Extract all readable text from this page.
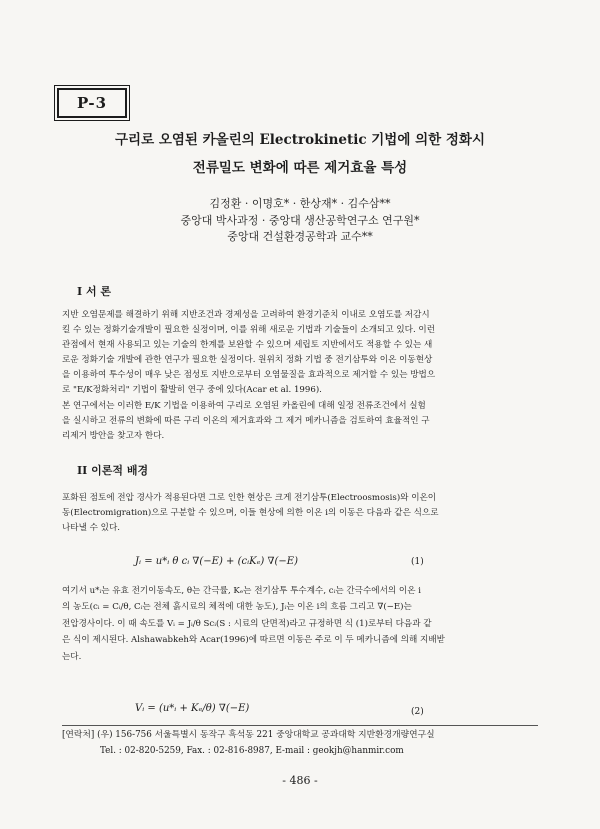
P-3
구리로 오염된 카올린의 Electrokinetic 기법에 의한 정화시
전류밀도 변화에 따른 제거효율 특성
김정환 · 이명호* · 한상재* · 김수삼**
중앙대 박사과정 · 중앙대 생산공학연구소 연구원*
중앙대 건설환경공학과 교수**
I 서 론
지반 오염문제를 해결하기 위해 지반조건과 경제성을 고려하여 환경기준치 이내로 오염도를 저감시
킬 수 있는 정화기술개발이 필요한 실정이며, 이를 위해 새로운 기법과 기술들이 소개되고 있다. 이런
관점에서 현재 사용되고 있는 기술의 한계를 보완할 수 있으며 세립토 지반에서도 적용할 수 있는 새
로운 정화기술 개발에 관한 연구가 필요한 실정이다. 원위치 정화 기법 중 전기삼투와 이온 이동현상
을 이용하여 투수성이 매우 낮은 점성토 지반으로부터 오염물질을 효과적으로 제거할 수 있는 방법으
로 "E/K정화처리" 기법이 활발히 연구 중에 있다(Acar et al. 1996).
본 연구에서는 이러한 E/K 기법을 이용하여 구리로 오염된 카올린에 대해 일정 전류조건에서 실험
을 실시하고 전류의 변화에 따른 구리 이온의 제거효과와 그 제거 메카니즘을 검토하여 효율적인 구
리제거 방안을 찾고자 한다.
II 이론적 배경
포화된 점토에 전압 경사가 적용된다면 그로 인한 현상은 크게 전기삼투(Electroosmosis)와 이온이
동(Electromigration)으로 구분할 수 있으며, 이들 현상에 의한 이온 i의 이동은 다음과 같은 식으로
나타낼 수 있다.
Jᵢ = u*ᵢ θ cᵢ ∇(−E) + (cᵢKₑ) ∇(−E)	(1)
여기서 u*ᵢ는 유효 전기이동속도, θ는 간극률, Kₑ는 전기삼투 투수계수, cᵢ는 간극수에서의 이온 i
의 농도(cᵢ = Cᵢ/θ, Cᵢ는 전체 흙시료의 체적에 대한 농도), Jᵢ는 이온 i의 흐름 그리고 ∇(−E)는
전압경사이다. 이 때 속도를 Vᵢ = Jᵢ/θ Scᵢ(S : 시료의 단면적)라고 규정하면 식 (1)로부터 다음과 같
은 식이 제시된다. Alshawabkeh와 Acar(1996)에 따르면 이동은 주로 이 두 메카니즘에 의해 지배받
는다.
Vᵢ = (u*ᵢ + Kₑ/θ) ∇(−E)	(2)
[연락처] (우) 156-756 서울특별시 동작구 흑석동 221 중앙대학교 공과대학 지반환경개량연구실
Tel. : 02-820-5259, Fax. : 02-816-8987, E-mail : geokjh@hanmir.com
- 486 -
